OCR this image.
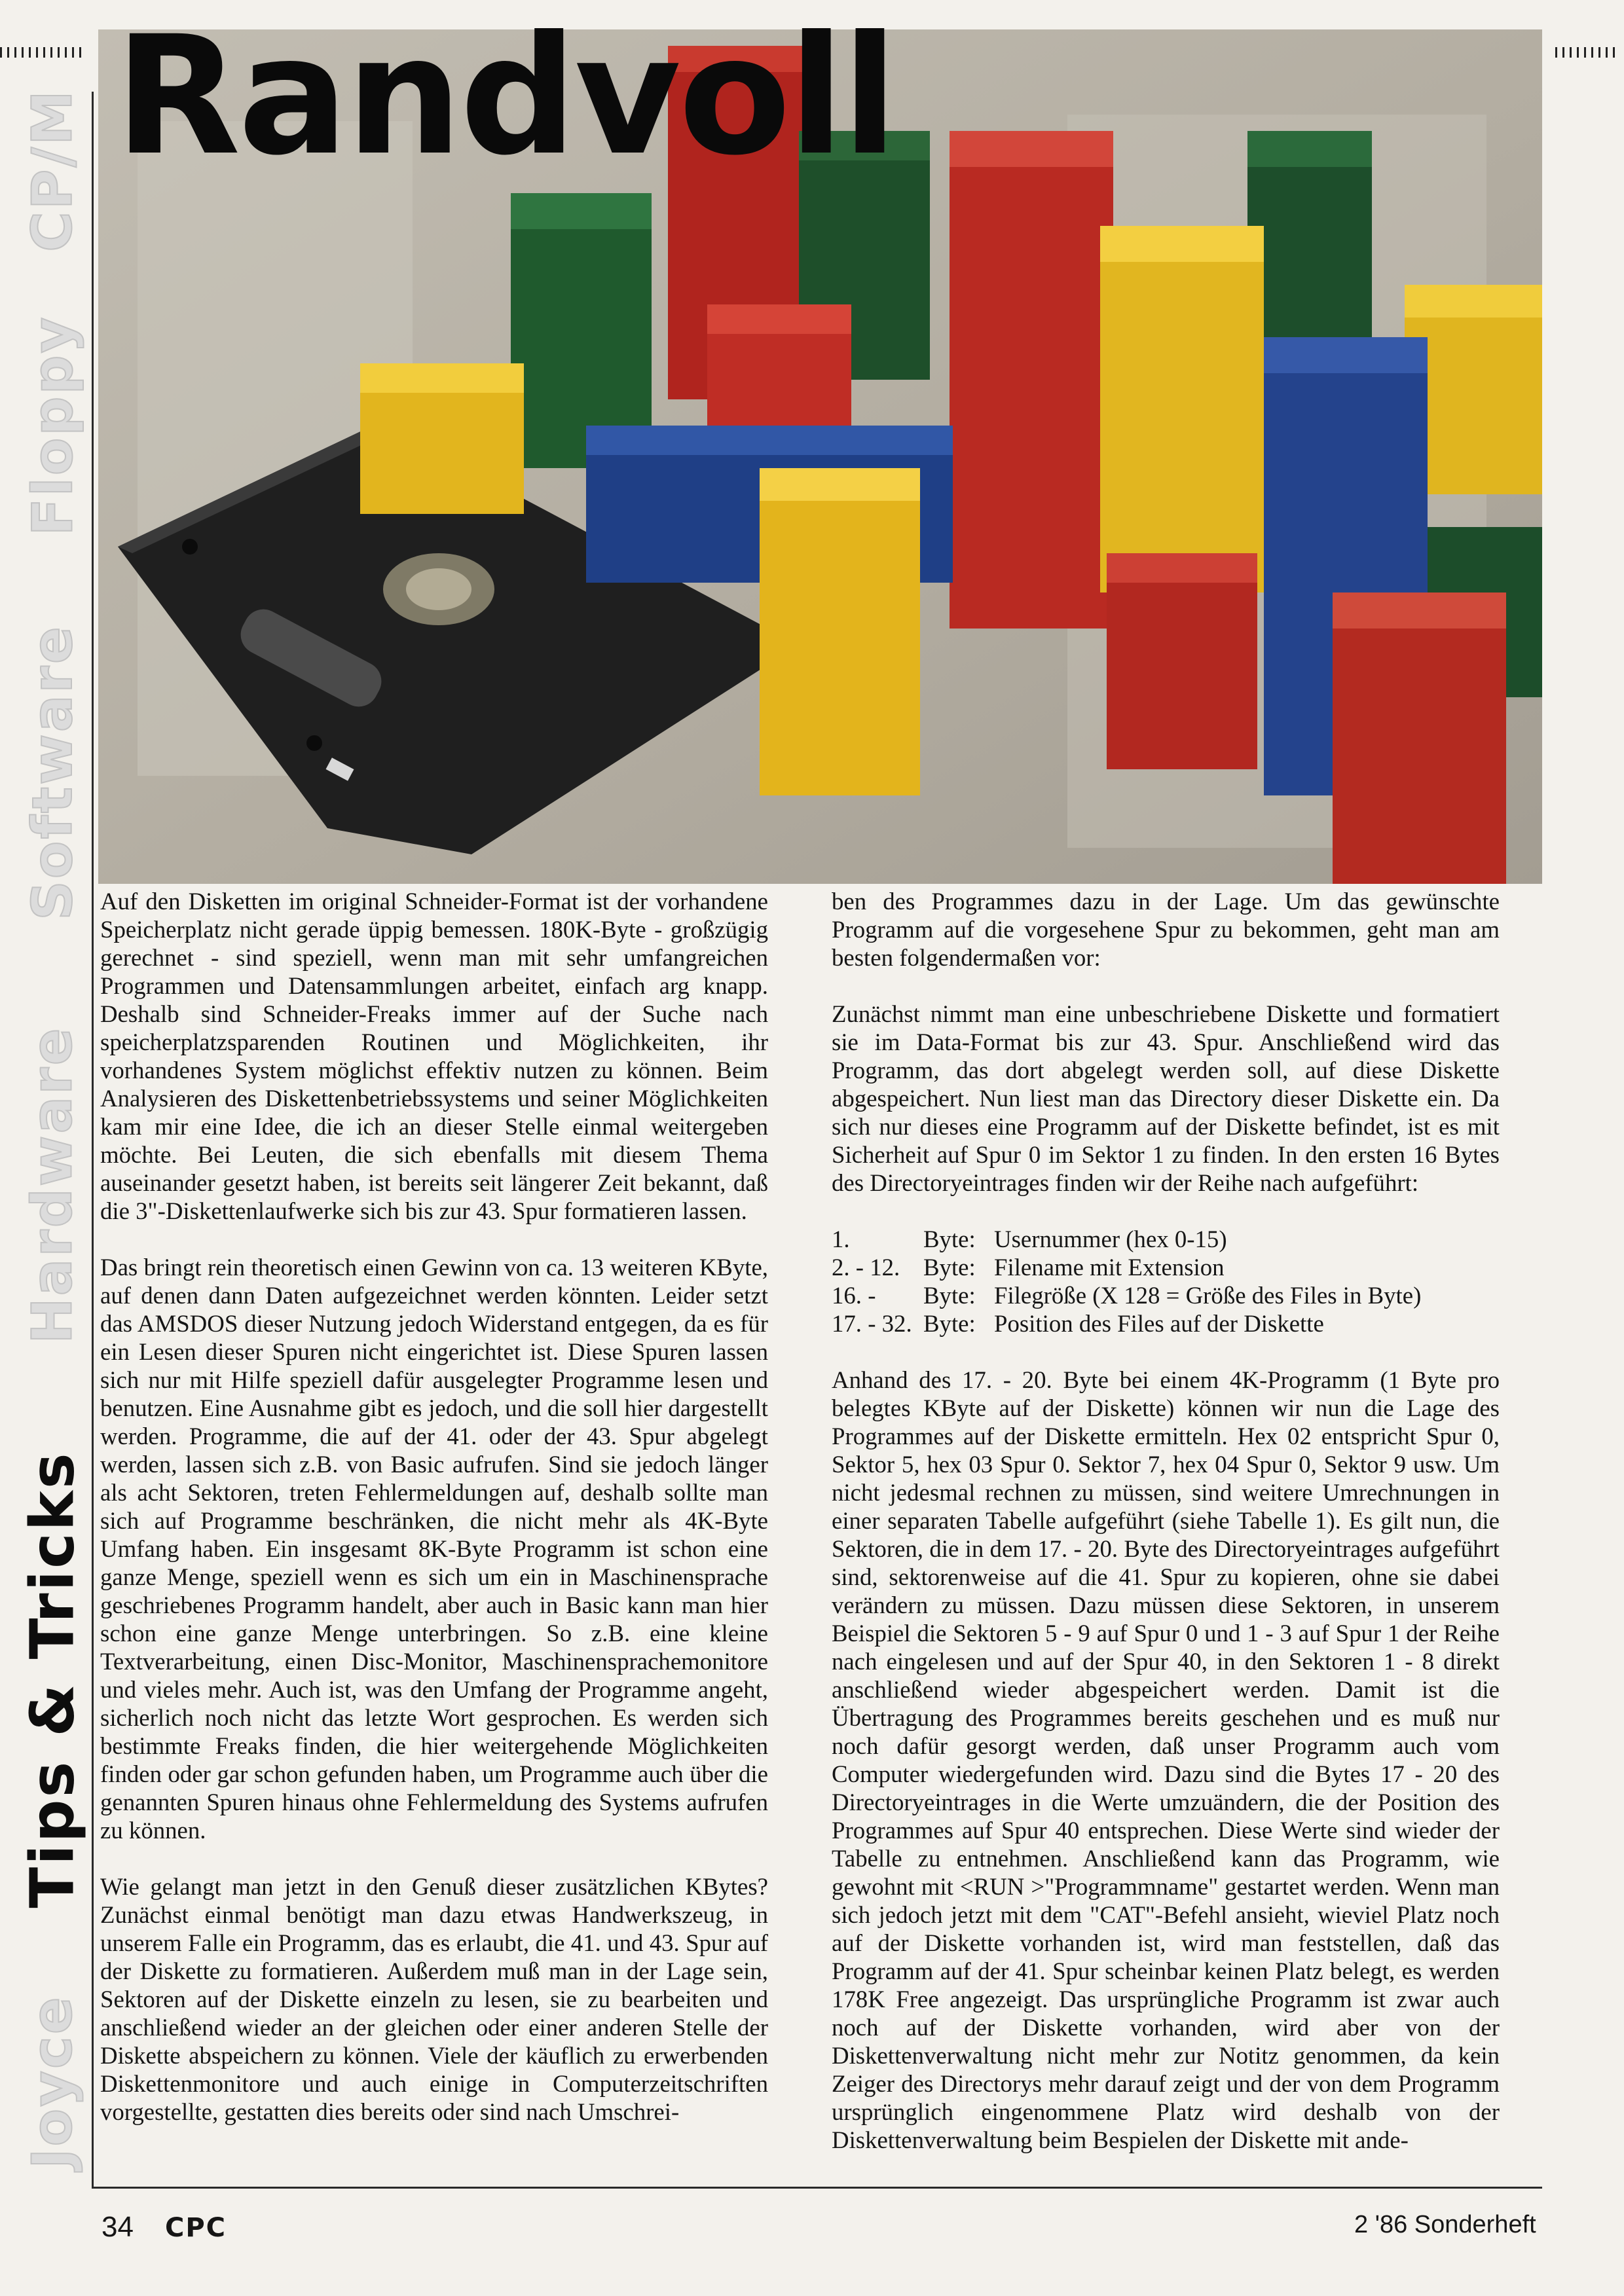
CP/M
Floppy
Software
Hardware
Tips & Tricks
Joyce
Randvoll

Auf den Disketten im original Schneider-Format ist der vorhandene Speicherplatz nicht gerade üppig bemessen. 180K-Byte - großzügig gerechnet - sind speziell, wenn man mit sehr umfangreichen Programmen und Datensammlungen arbeitet, einfach arg knapp. Deshalb sind Schneider-Freaks immer auf der Suche nach speicherplatzsparenden Routinen und Möglichkeiten, ihr vorhandenes System möglichst effektiv nutzen zu können. Beim Analysieren des Diskettenbetriebssystems und seiner Möglichkeiten kam mir eine Idee, die ich an dieser Stelle einmal weitergeben möchte. Bei Leuten, die sich ebenfalls mit diesem Thema auseinander gesetzt haben, ist bereits seit längerer Zeit bekannt, daß die 3"-Diskettenlaufwerke sich bis zur 43. Spur formatieren lassen.

Das bringt rein theoretisch einen Gewinn von ca. 13 weiteren KByte, auf denen dann Daten aufgezeichnet werden könnten. Leider setzt das AMSDOS dieser Nutzung jedoch Widerstand entgegen, da es für ein Lesen dieser Spuren nicht eingerichtet ist. Diese Spuren lassen sich nur mit Hilfe speziell dafür ausgelegter Programme lesen und benutzen. Eine Ausnahme gibt es jedoch, und die soll hier dargestellt werden. Programme, die auf der 41. oder der 43. Spur abgelegt werden, lassen sich z.B. von Basic aufrufen. Sind sie jedoch länger als acht Sektoren, treten Fehlermeldungen auf, deshalb sollte man sich auf Programme beschränken, die nicht mehr als 4K-Byte Umfang haben. Ein insgesamt 8K-Byte Programm ist schon eine ganze Menge, speziell wenn es sich um ein in Maschinensprache geschriebenes Programm handelt, aber auch in Basic kann man hier schon eine ganze Menge unterbringen. So z.B. eine kleine Textverarbeitung, einen Disc-Monitor, Maschinensprachemonitore und vieles mehr. Auch ist, was den Umfang der Programme angeht, sicherlich noch nicht das letzte Wort gesprochen. Es werden sich bestimmte Freaks finden, die hier weitergehende Möglichkeiten finden oder gar schon gefunden haben, um Programme auch über die genannten Spuren hinaus ohne Fehlermeldung des Systems aufrufen zu können.

Wie gelangt man jetzt in den Genuß dieser zusätzlichen KBytes? Zunächst einmal benötigt man dazu etwas Handwerkszeug, in unserem Falle ein Programm, das es erlaubt, die 41. und 43. Spur auf der Diskette zu formatieren. Außerdem muß man in der Lage sein, Sektoren auf der Diskette einzeln zu lesen, sie zu bearbeiten und anschließend wieder an der gleichen oder einer anderen Stelle der Diskette abspeichern zu können. Viele der käuflich zu erwerbenden Diskettenmonitore und auch einige in Computerzeitschriften vorgestellte, gestatten dies bereits oder sind nach Umschrei-

ben des Programmes dazu in der Lage. Um das gewünschte Programm auf die vorgesehene Spur zu bekommen, geht man am besten folgendermaßen vor:

Zunächst nimmt man eine unbeschriebene Diskette und formatiert sie im Data-Format bis zur 43. Spur. Anschließend wird das Programm, das dort abgelegt werden soll, auf diese Diskette abgespeichert. Nun liest man das Directory dieser Diskette ein. Da sich nur dieses eine Programm auf der Diskette befindet, ist es mit Sicherheit auf Spur 0 im Sektor 1 zu finden. In den ersten 16 Bytes des Directoryeintrages finden wir der Reihe nach aufgeführt:

1.	Byte: Usernummer (hex 0-15)
2. - 12. Byte: Filename mit Extension
16. -	Byte: Filegröße (X 128 = Größe des Files in Byte)
17. - 32. Byte: Position des Files auf der Diskette

Anhand des 17. - 20. Byte bei einem 4K-Programm (1 Byte pro belegtes KByte auf der Diskette) können wir nun die Lage des Programmes auf der Diskette ermitteln. Hex 02 entspricht Spur 0, Sektor 5, hex 03 Spur 0. Sektor 7, hex 04 Spur 0, Sektor 9 usw. Um nicht jedesmal rechnen zu müssen, sind weitere Umrechnungen in einer separaten Tabelle aufgeführt (siehe Tabelle 1). Es gilt nun, die Sektoren, die in dem 17. - 20. Byte des Directoryeintrages aufgeführt sind, sektorenweise auf die 41. Spur zu kopieren, ohne sie dabei verändern zu müssen. Dazu müssen diese Sektoren, in unserem Beispiel die Sektoren 5 - 9 auf Spur 0 und 1 - 3 auf Spur 1 der Reihe nach eingelesen und auf der Spur 40, in den Sektoren 1 - 8 direkt anschließend wieder abgespeichert werden. Damit ist die Übertragung des Programmes bereits geschehen und es muß nur noch dafür gesorgt werden, daß unser Programm auch vom Computer wiedergefunden wird. Dazu sind die Bytes 17 - 20 des Directoryeintrages in die Werte umzuändern, die der Position des Programmes auf Spur 40 entsprechen. Diese Werte sind wieder der Tabelle zu entnehmen. Anschließend kann das Programm, wie gewohnt mit <RUN >"Programmname" gestartet werden. Wenn man sich jedoch jetzt mit dem "CAT"-Befehl ansieht, wieviel Platz noch auf der Diskette vorhanden ist, wird man feststellen, daß das Programm auf der 41. Spur scheinbar keinen Platz belegt, es werden 178K Free angezeigt. Das ursprüngliche Programm ist zwar auch noch auf der Diskette vorhanden, wird aber von der Diskettenverwaltung nicht mehr zur Notitz genommen, da kein Zeiger des Directorys mehr darauf zeigt und der von dem Programm ursprünglich eingenommene Platz wird deshalb von der Diskettenverwaltung beim Bespielen der Diskette mit ande-

34 CPC	2 '86 Sonderheft
